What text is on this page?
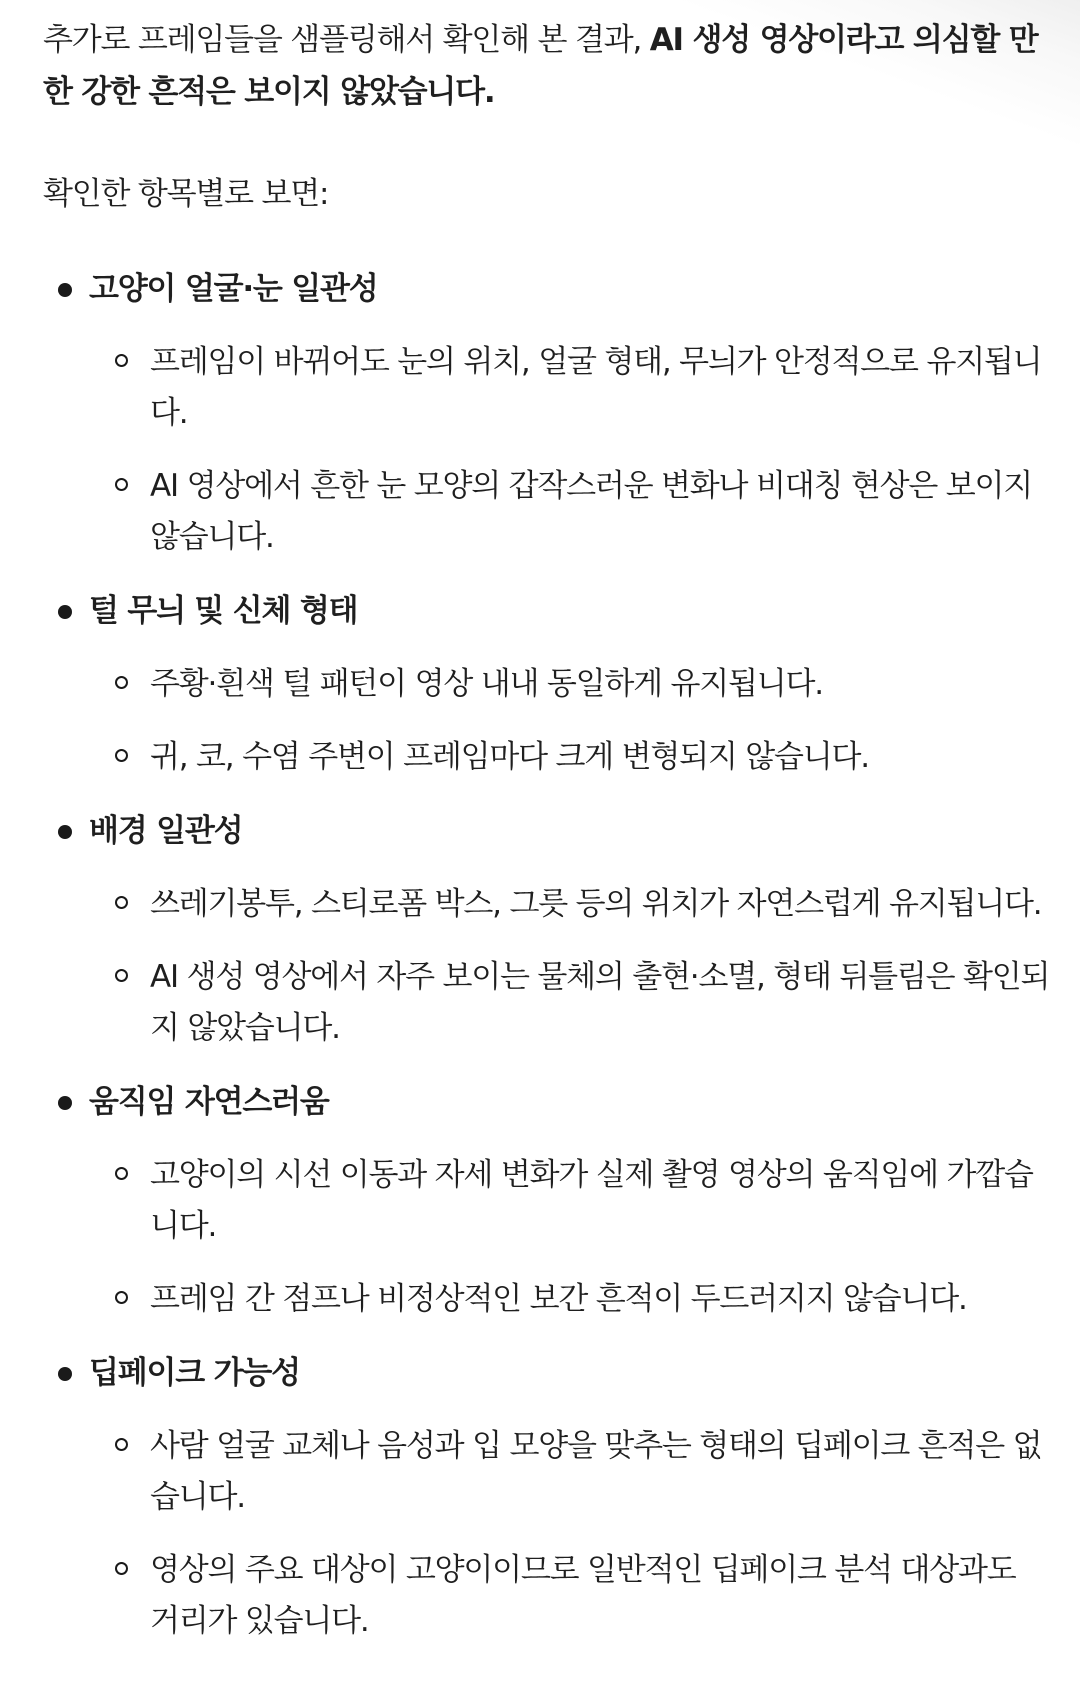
추가로 프레임들을 샘플링해서 확인해 본 결과, AI 생성 영상이라고 의심할 만한 강한 흔적은 보이지 않았습니다.

확인한 항목별로 보면:

고양이 얼굴·눈 일관성
프레임이 바뀌어도 눈의 위치, 얼굴 형태, 무늬가 안정적으로 유지됩니다.
AI 영상에서 흔한 눈 모양의 갑작스러운 변화나 비대칭 현상은 보이지 않습니다.
털 무늬 및 신체 형태
주황·흰색 털 패턴이 영상 내내 동일하게 유지됩니다.
귀, 코, 수염 주변이 프레임마다 크게 변형되지 않습니다.
배경 일관성
쓰레기봉투, 스티로폼 박스, 그릇 등의 위치가 자연스럽게 유지됩니다.
AI 생성 영상에서 자주 보이는 물체의 출현·소멸, 형태 뒤틀림은 확인되지 않았습니다.
움직임 자연스러움
고양이의 시선 이동과 자세 변화가 실제 촬영 영상의 움직임에 가깝습니다.
프레임 간 점프나 비정상적인 보간 흔적이 두드러지지 않습니다.
딥페이크 가능성
사람 얼굴 교체나 음성과 입 모양을 맞추는 형태의 딥페이크 흔적은 없습니다.
영상의 주요 대상이 고양이이므로 일반적인 딥페이크 분석 대상과도 거리가 있습니다.
